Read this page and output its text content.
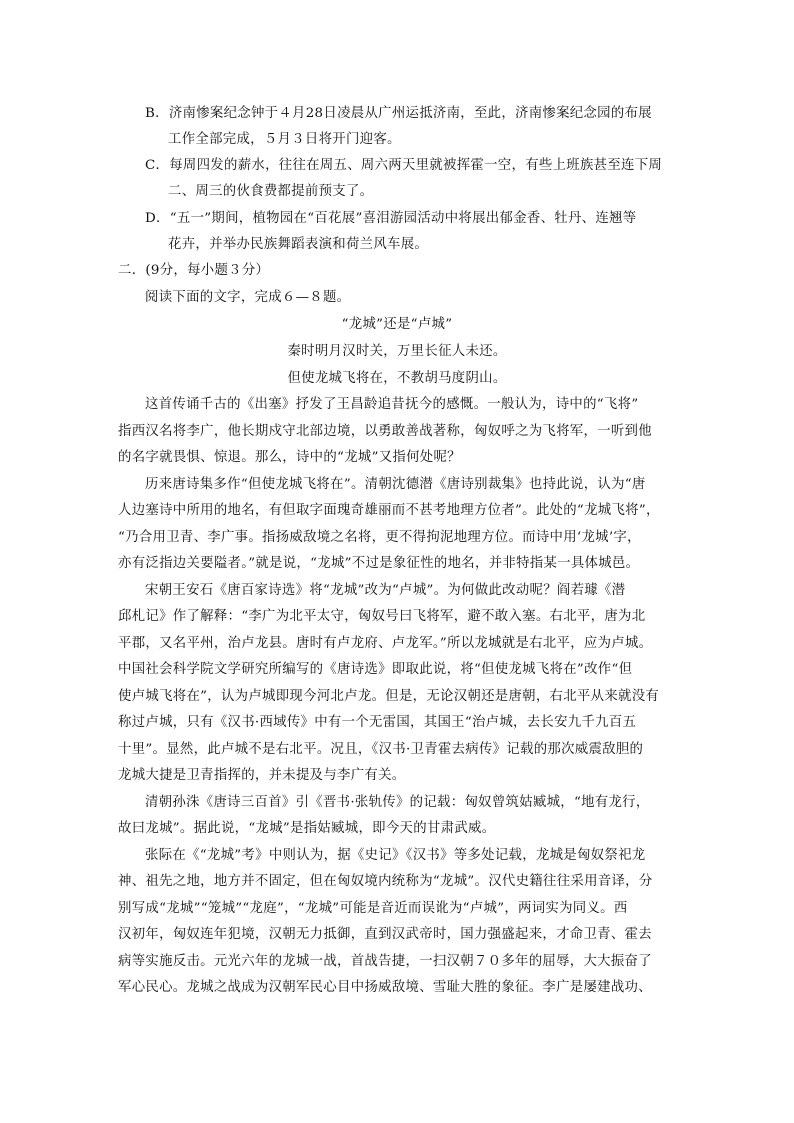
B．济南惨案纪念钟于４月28日凌晨从广州运抵济南，至此，济南惨案纪念园的布展
工作全部完成，５月３日将开门迎客。
C．每周四发的薪水，往往在周五、周六两天里就被挥霍一空，有些上班族甚至连下周
二、周三的伙食费都提前预支了。
D．“五一”期间，植物园在“百花展”喜泪游园活动中将展出郁金香、牡丹、连翘等
花卉，并举办民族舞蹈表演和荷兰风车展。
二．(9分，每小题３分）
阅读下面的文字，完成６—８题。
“龙城”还是“卢城”
秦时明月汉时关，万里长征人未还。
但使龙城飞将在，不教胡马度阴山。
这首传诵千古的《出塞》抒发了王昌龄追昔抚今的感慨。一般认为，诗中的“飞将”
指西汉名将李广，他长期戍守北部边境，以勇敢善战著称，匈奴呼之为飞将军，一听到他
的名字就畏惧、惊退。那么，诗中的“龙城”又指何处呢？
历来唐诗集多作“但使龙城飞将在”。清朝沈德潜《唐诗别裁集》也持此说，认为“唐
人边塞诗中所用的地名，有但取字面瑰奇雄丽而不甚考地理方位者”。此处的“龙城飞将”，
“乃合用卫青、李广事。指扬威敌境之名将，更不得拘泥地理方位。而诗中用‘龙城’字，
亦有泛指边关要隘者。”就是说，“龙城”不过是象征性的地名，并非特指某一具体城邑。
宋朝王安石《唐百家诗选》将“龙城”改为“卢城”。为何做此改动呢？阎若璩《潜
邱札记》作了解释：“李广为北平太守，匈奴号曰飞将军，避不敢入塞。右北平，唐为北
平郡，又名平州，治卢龙县。唐时有卢龙府、卢龙军。”所以龙城就是右北平，应为卢城。
中国社会科学院文学研究所编写的《唐诗选》即取此说，将“但使龙城飞将在”改作“但
使卢城飞将在”，认为卢城即现今河北卢龙。但是，无论汉朝还是唐朝，右北平从来就没有
称过卢城，只有《汉书·西域传》中有一个无雷国，其国王“治卢城，去长安九千九百五
十里”。显然，此卢城不是右北平。况且，《汉书·卫青霍去病传》记载的那次威震敌胆的
龙城大捷是卫青指挥的，并未提及与李广有关。
清朝孙洙《唐诗三百首》引《晋书·张轨传》的记载：匈奴曾筑姑臧城，“地有龙行，
故曰龙城”。据此说，“龙城”是指姑臧城，即今天的甘肃武威。
张际在《“龙城”考》中则认为，据《史记》《汉书》等多处记载，龙城是匈奴祭祀龙
神、祖先之地，地方并不固定，但在匈奴境内统称为“龙城”。汉代史籍往往采用音译，分
别写成“龙城”“笼城”“龙庭”，“龙城”可能是音近而误讹为“卢城”，两词实为同义。西
汉初年，匈奴连年犯境，汉朝无力抵御，直到汉武帝时，国力强盛起来，才命卫青、霍去
病等实施反击。元光六年的龙城一战，首战告捷，一扫汉朝７０多年的屈辱，大大振奋了
军心民心。龙城之战成为汉朝军民心目中扬威敌境、雪耻大胜的象征。李广是屡建战功、
